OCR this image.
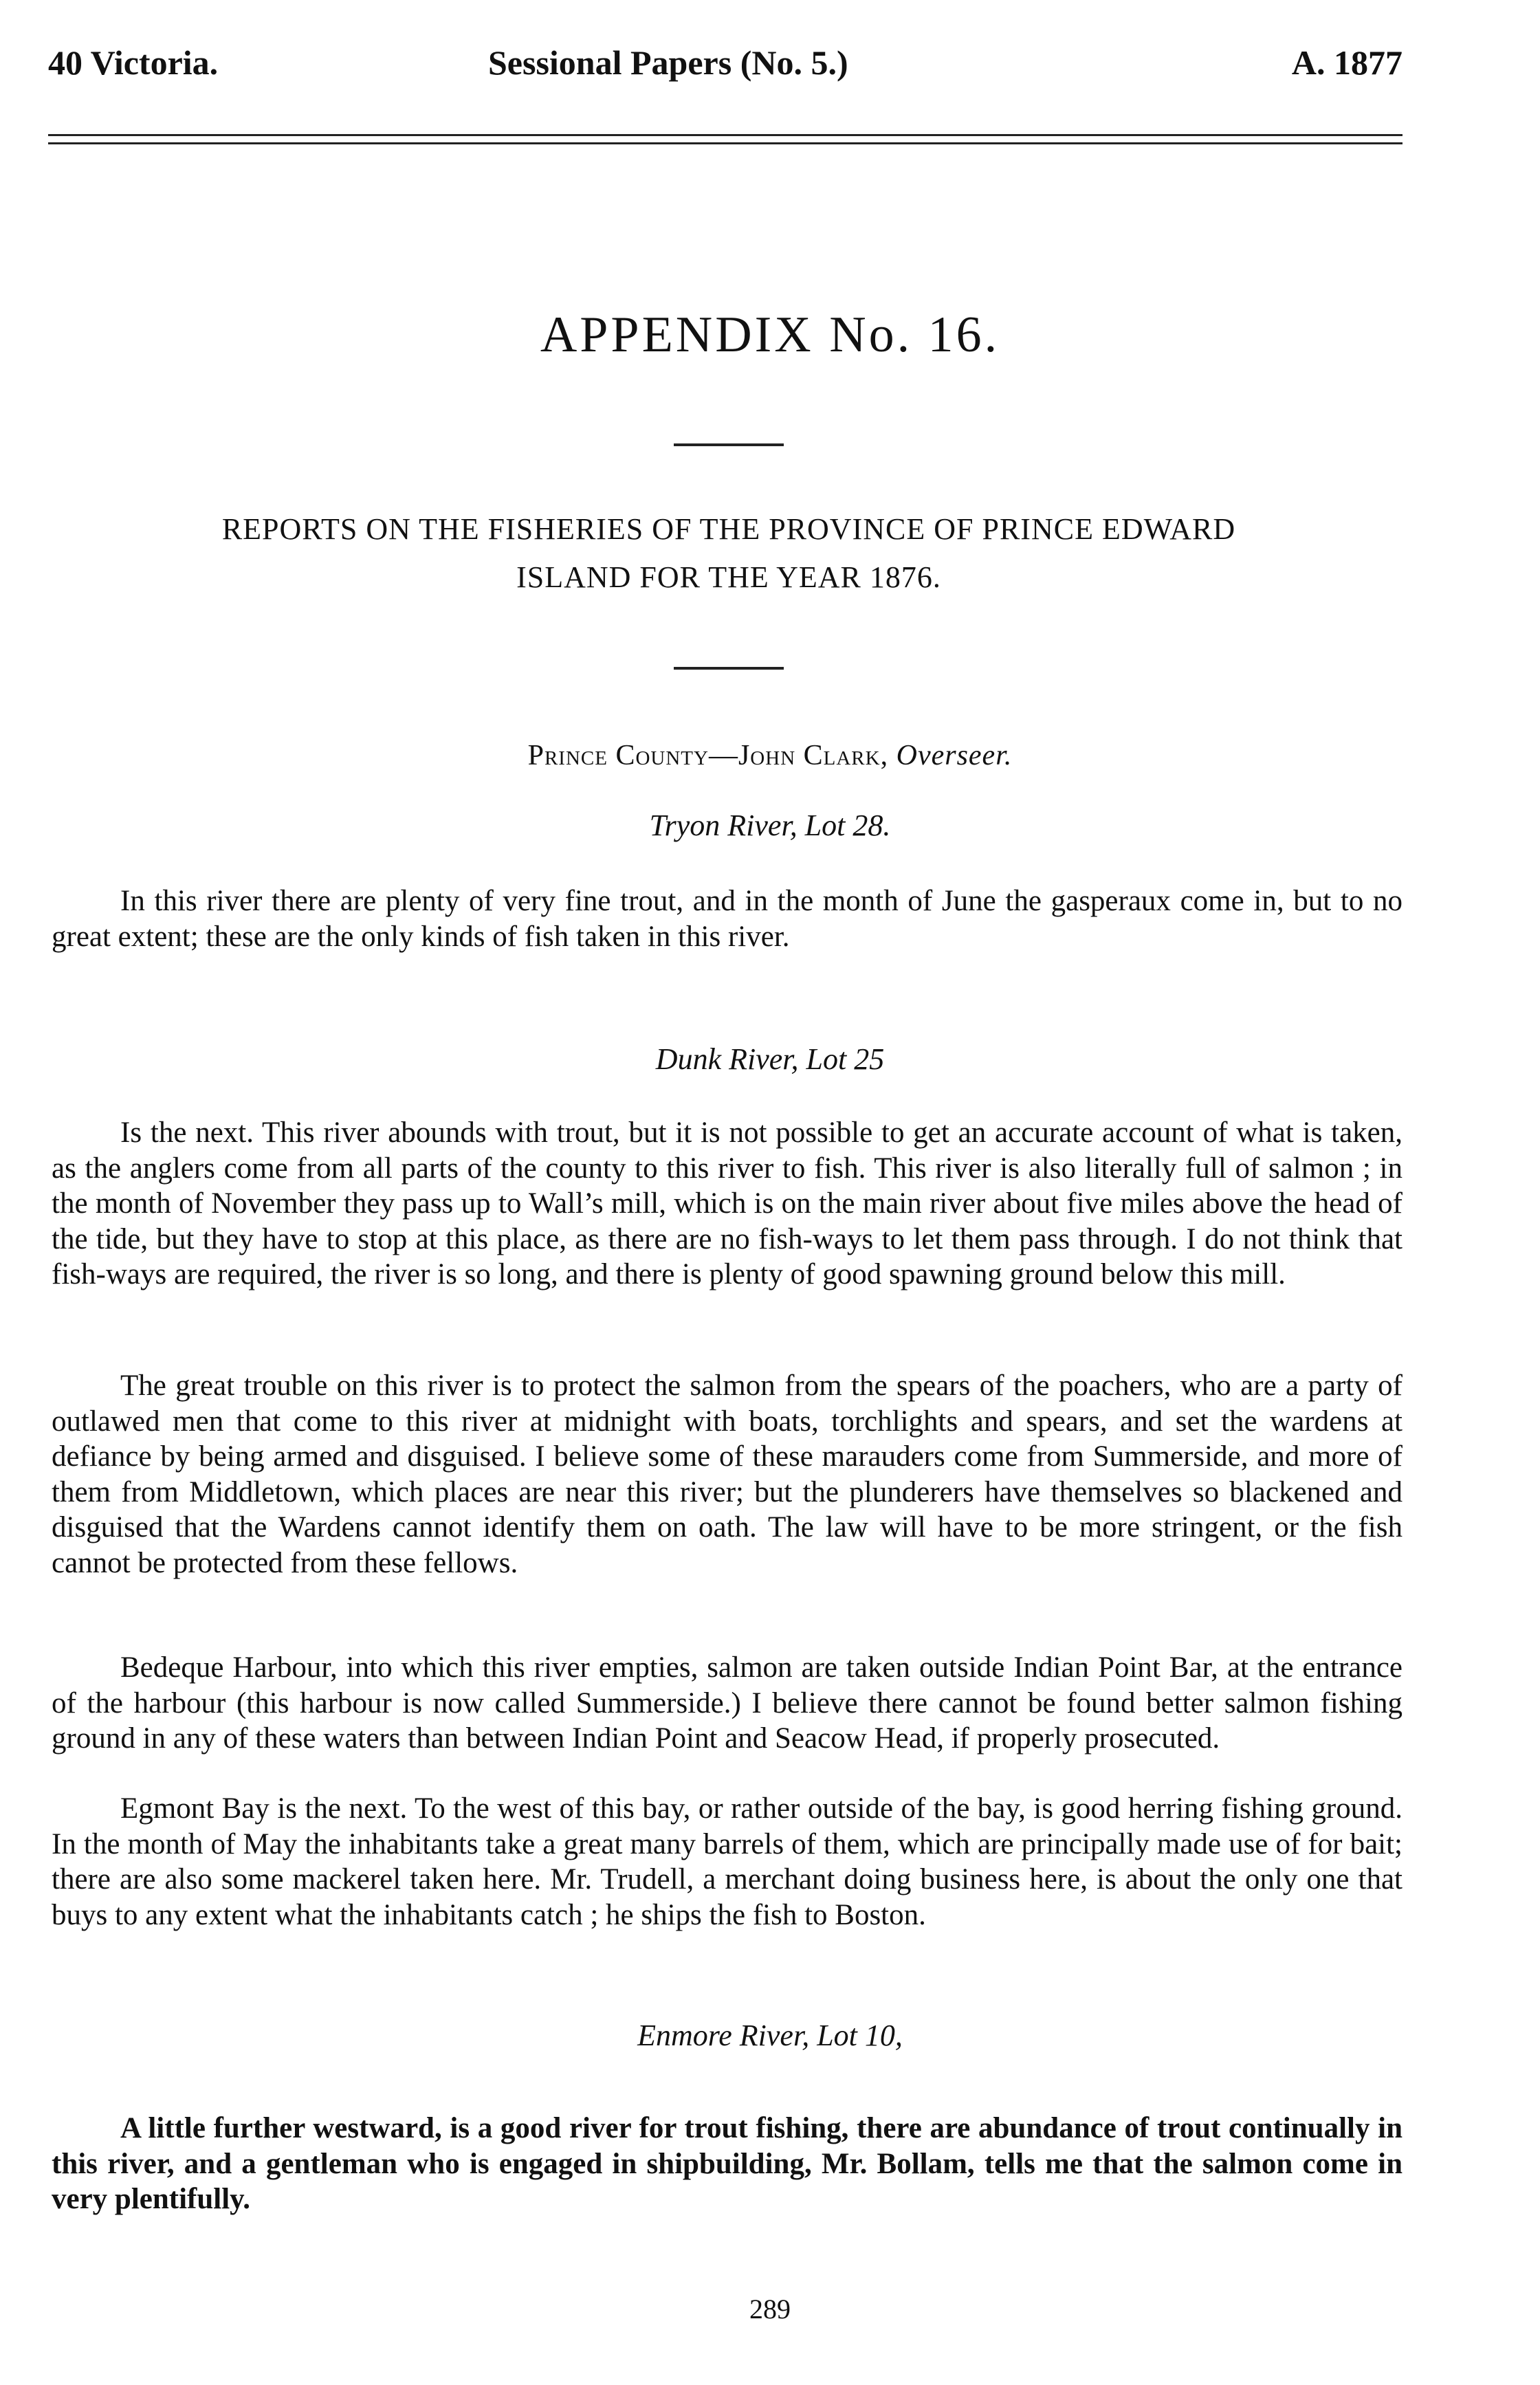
40 Victoria.	Sessional Papers (No. 5.)	A. 1877
APPENDIX No. 16.
REPORTS ON THE FISHERIES OF THE PROVINCE OF PRINCE EDWARD
ISLAND FOR THE YEAR 1876.
Prince County—John Clark, Overseer.
Tryon River, Lot 28.

In this river there are plenty of very fine trout, and in the month of June the gasperaux come in, but to no great extent; these are the only kinds of fish taken in this river.

Dunk River, Lot 25

Is the next. This river abounds with trout, but it is not possible to get an accurate account of what is taken, as the anglers come from all parts of the county to this river to fish. This river is also literally full of salmon ; in the month of November they pass up to Wall’s mill, which is on the main river about five miles above the head of the tide, but they have to stop at this place, as there are no fish-ways to let them pass through. I do not think that fish-ways are required, the river is so long, and there is plenty of good spawning ground below this mill.

The great trouble on this river is to protect the salmon from the spears of the poachers, who are a party of outlawed men that come to this river at midnight with boats, torchlights and spears, and set the wardens at defiance by being armed and disguised. I believe some of these marauders come from Summerside, and more of them from Middletown, which places are near this river; but the plunderers have themselves so blackened and disguised that the Wardens cannot identify them on oath. The law will have to be more stringent, or the fish cannot be protected from these fellows.

Bedeque Harbour, into which this river empties, salmon are taken outside Indian Point Bar, at the entrance of the harbour (this harbour is now called Summerside.) I believe there cannot be found better salmon fishing ground in any of these waters than between Indian Point and Seacow Head, if properly prosecuted.

Egmont Bay is the next. To the west of this bay, or rather outside of the bay, is good herring fishing ground. In the month of May the inhabitants take a great many barrels of them, which are principally made use of for bait; there are also some mackerel taken here. Mr. Trudell, a merchant doing business here, is about the only one that buys to any extent what the inhabitants catch ; he ships the fish to Boston.

Enmore River, Lot 10,

A little further westward, is a good river for trout fishing, there are abundance of trout continually in this river, and a gentleman who is engaged in shipbuilding, Mr. Bollam, tells me that the salmon come in very plentifully.

289
